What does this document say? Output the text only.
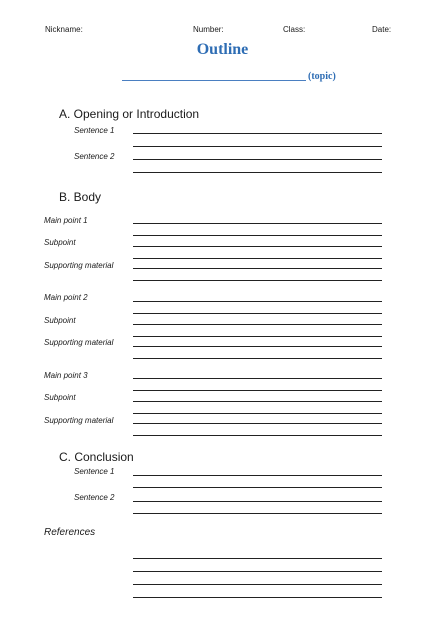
Nickname:	Number:	Class:	Date:
Outline
(topic)
A. Opening or Introduction
Sentence 1
Sentence 2
B. Body
Main point 1
Subpoint
Supporting material
Main point 2
Subpoint
Supporting material
Main point 3
Subpoint
Supporting material
C. Conclusion
Sentence 1
Sentence 2
References
